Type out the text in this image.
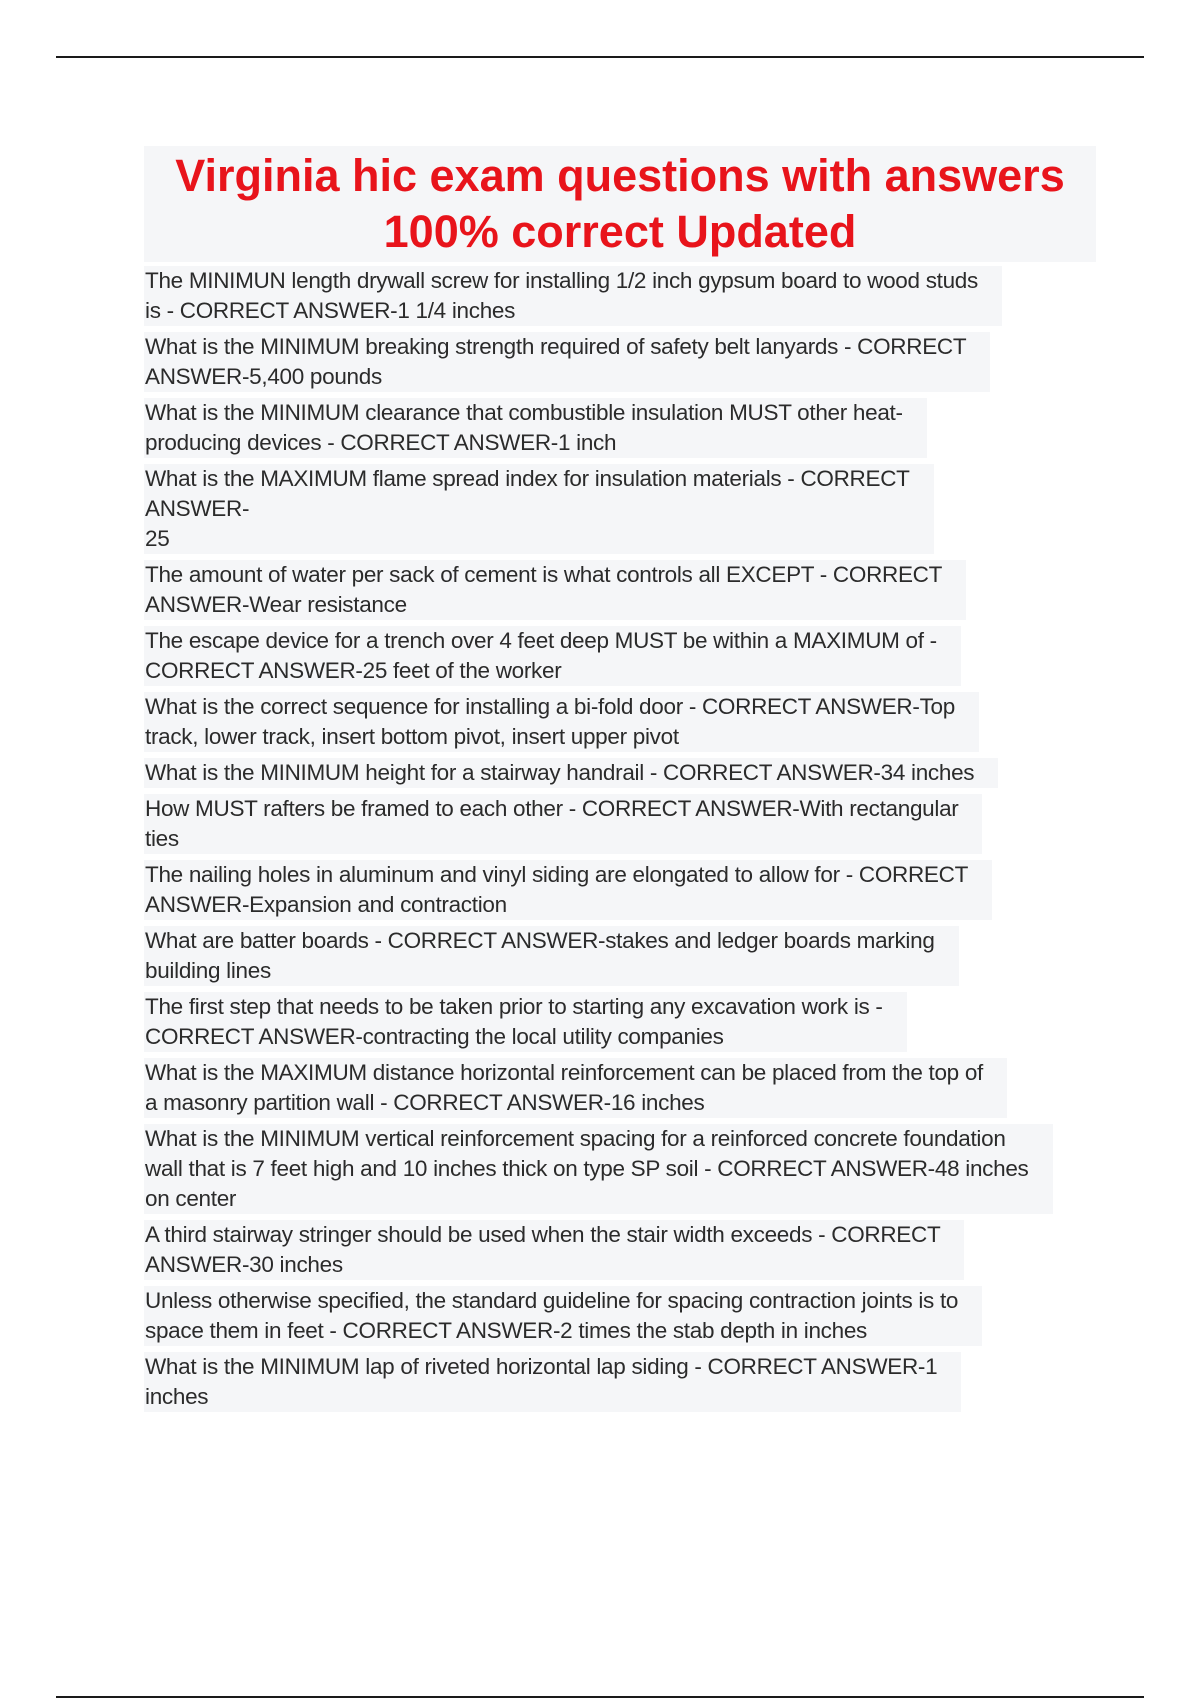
Virginia hic exam questions with answers 100% correct Updated
The MINIMUN length drywall screw for installing 1/2 inch gypsum board to wood studs
is - CORRECT ANSWER-1 1/4 inches
What is the MINIMUM breaking strength required of safety belt lanyards - CORRECT
ANSWER-5,400 pounds
What is the MINIMUM clearance that combustible insulation MUST other heat-
producing devices - CORRECT ANSWER-1 inch
What is the MAXIMUM flame spread index for insulation materials - CORRECT
ANSWER-
25
The amount of water per sack of cement is what controls all EXCEPT - CORRECT
ANSWER-Wear resistance
The escape device for a trench over 4 feet deep MUST be within a MAXIMUM of -
CORRECT ANSWER-25 feet of the worker
What is the correct sequence for installing a bi-fold door - CORRECT ANSWER-Top
track, lower track, insert bottom pivot, insert upper pivot
What is the MINIMUM height for a stairway handrail - CORRECT ANSWER-34 inches
How MUST rafters be framed to each other - CORRECT ANSWER-With rectangular
ties
The nailing holes in aluminum and vinyl siding are elongated to allow for - CORRECT
ANSWER-Expansion and contraction
What are batter boards - CORRECT ANSWER-stakes and ledger boards marking
building lines
The first step that needs to be taken prior to starting any excavation work is -
CORRECT ANSWER-contracting the local utility companies
What is the MAXIMUM distance horizontal reinforcement can be placed from the top of
a masonry partition wall - CORRECT ANSWER-16 inches
What is the MINIMUM vertical reinforcement spacing for a reinforced concrete foundation
wall that is 7 feet high and 10 inches thick on type SP soil - CORRECT ANSWER-48 inches
on center
A third stairway stringer should be used when the stair width exceeds - CORRECT
ANSWER-30 inches
Unless otherwise specified, the standard guideline for spacing contraction joints is to
space them in feet - CORRECT ANSWER-2 times the stab depth in inches
What is the MINIMUM lap of riveted horizontal lap siding - CORRECT ANSWER-1
inches
